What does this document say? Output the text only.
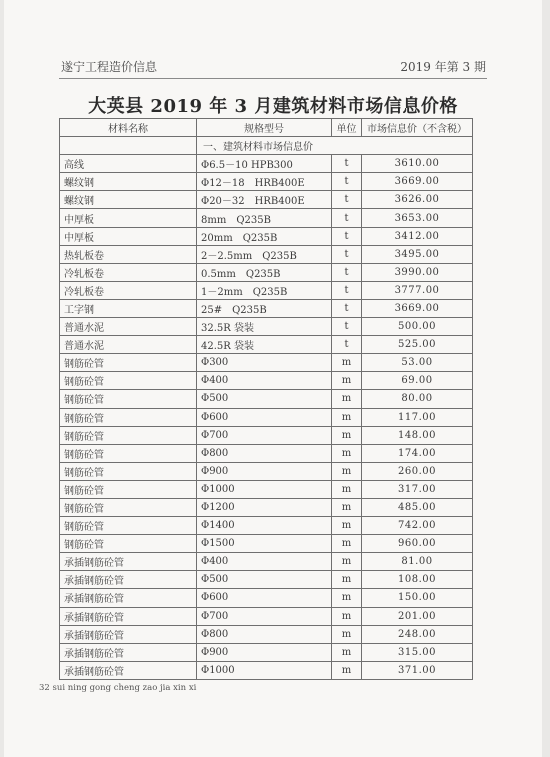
遂宁工程造价信息	2019 年第 3 期
大英县 2019 年 3 月建筑材料市场信息价格
材料名称	规格型号	单位	市场信息价（不含税）
	一、建筑材料市场信息价		
高线	Φ6.5－10 HPB300	t	3610.00
螺纹钢	Φ12－18　HRB400E	t	3669.00
螺纹钢	Φ20－32　HRB400E	t	3626.00
中厚板	8mm　Q235B	t	3653.00
中厚板	20mm　Q235B	t	3412.00
热轧板卷	2－2.5mm　Q235B	t	3495.00
冷轧板卷	0.5mm　Q235B	t	3990.00
冷轧板卷	1－2mm　Q235B	t	3777.00
工字钢	25#　Q235B	t	3669.00
普通水泥	32.5R 袋装	t	500.00
普通水泥	42.5R 袋装	t	525.00
钢筋砼管	Φ300	m	53.00
钢筋砼管	Φ400	m	69.00
钢筋砼管	Φ500	m	80.00
钢筋砼管	Φ600	m	117.00
钢筋砼管	Φ700	m	148.00
钢筋砼管	Φ800	m	174.00
钢筋砼管	Φ900	m	260.00
钢筋砼管	Φ1000	m	317.00
钢筋砼管	Φ1200	m	485.00
钢筋砼管	Φ1400	m	742.00
钢筋砼管	Φ1500	m	960.00
承插钢筋砼管	Φ400	m	81.00
承插钢筋砼管	Φ500	m	108.00
承插钢筋砼管	Φ600	m	150.00
承插钢筋砼管	Φ700	m	201.00
承插钢筋砼管	Φ800	m	248.00
承插钢筋砼管	Φ900	m	315.00
承插钢筋砼管	Φ1000	m	371.00
32 sui ning gong cheng zao jia xin xi
